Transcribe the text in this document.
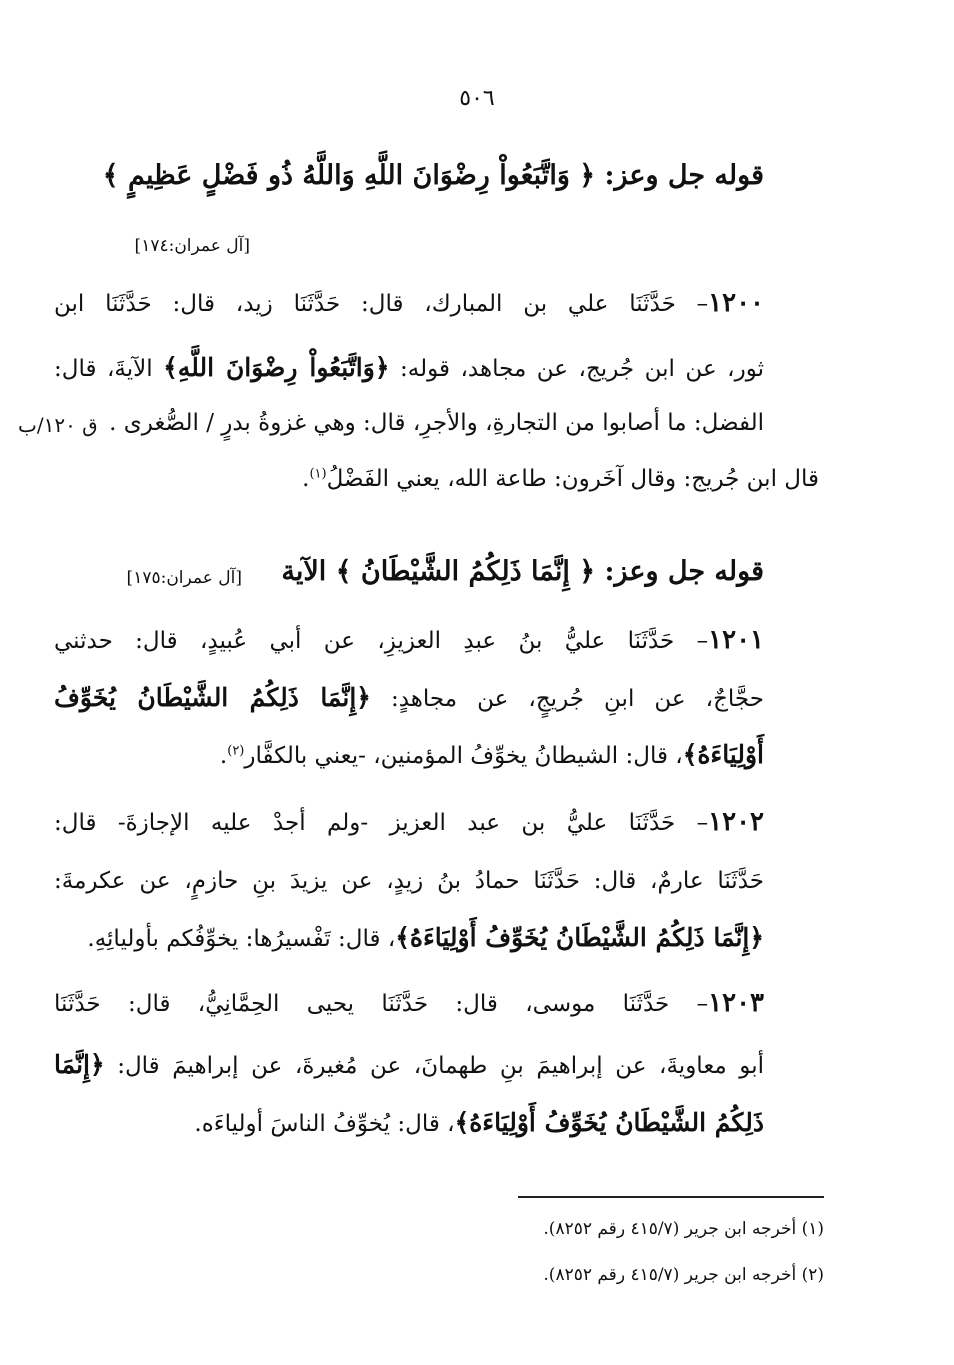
٥٠٦
قوله جل وعز: ﴿ وَاتَّبَعُواْ رِضْوَانَ اللَّهِ وَاللَّهُ ذُو فَضْلٍ عَظِيمٍ ﴾
[آل عمران:١٧٤]
١٢٠٠– حَدَّثَنَا علي بن المبارك، قال: حَدَّثَنَا زيد، قال: حَدَّثَنَا ابن
ثور، عن ابن جُريج، عن مجاهد، قوله: ﴿وَاتَّبَعُواْ رِضْوَانَ اللَّهِ﴾ الآيةَ، قال:
الفضل: ما أصابوا من التجارةِ، والأجرِ، قال: وهي غزوةُ بدرٍ / الصُّغرى .
ق ١٢٠/ب
قال ابن جُريج: وقال آخَرون: طاعة الله، يعني الفَضْلُ$^{(١)}$.
قوله جل وعز: ﴿ إِنَّمَا ذَلِكُمُ الشَّيْطَانُ ﴾ الآية
[آل عمران:١٧٥]
١٢٠١– حَدَّثَنَا عليُّ بنُ عبدِ العزيزِ، عن أبي عُبيدٍ، قال: حدثني
حجَّاجٌ، عن ابنِ جُريجٍ، عن مجاهدٍ: ﴿إِنَّمَا ذَلِكُمُ الشَّيْطَانُ يُخَوِّفُ
أَوْلِيَاءَهُ﴾، قال: الشيطانُ يخوِّفُ المؤمنين، -يعني بالكفَّار$^{(٢)}$.
١٢٠٢– حَدَّثَنَا عليُّ بن عبد العزيز -ولم أجدْ عليه الإجازةَ- قال:
حَدَّثَنَا عارمٌ، قال: حَدَّثَنَا حمادُ بنُ زيدٍ، عن يزيدَ بنِ حازمٍ، عن عكرمةَ:
﴿إِنَّمَا ذَلِكُمُ الشَّيْطَانُ يُخَوِّفُ أَوْلِيَاءَهُ﴾، قال: تَفْسيرُها: يخوِّفُكم بأوليائِهِ.
١٢٠٣– حَدَّثَنَا موسى، قال: حَدَّثَنَا يحيى الحِمَّانِيُّ، قال: حَدَّثَنَا
أبو معاويةَ، عن إبراهيمَ بنِ طهمانَ، عن مُغيرةَ، عن إبراهيمَ قال: ﴿إِنَّمَا
ذَلِكُمُ الشَّيْطَانُ يُخَوِّفُ أَوْلِيَاءَهُ﴾، قال: يُخوِّفُ الناسَ أولياءَه.
(١) أخرجه ابن جرير (٤١٥/٧ رقم ٨٢٥٢).
(٢) أخرجه ابن جرير (٤١٥/٧ رقم ٨٢٥٢).
